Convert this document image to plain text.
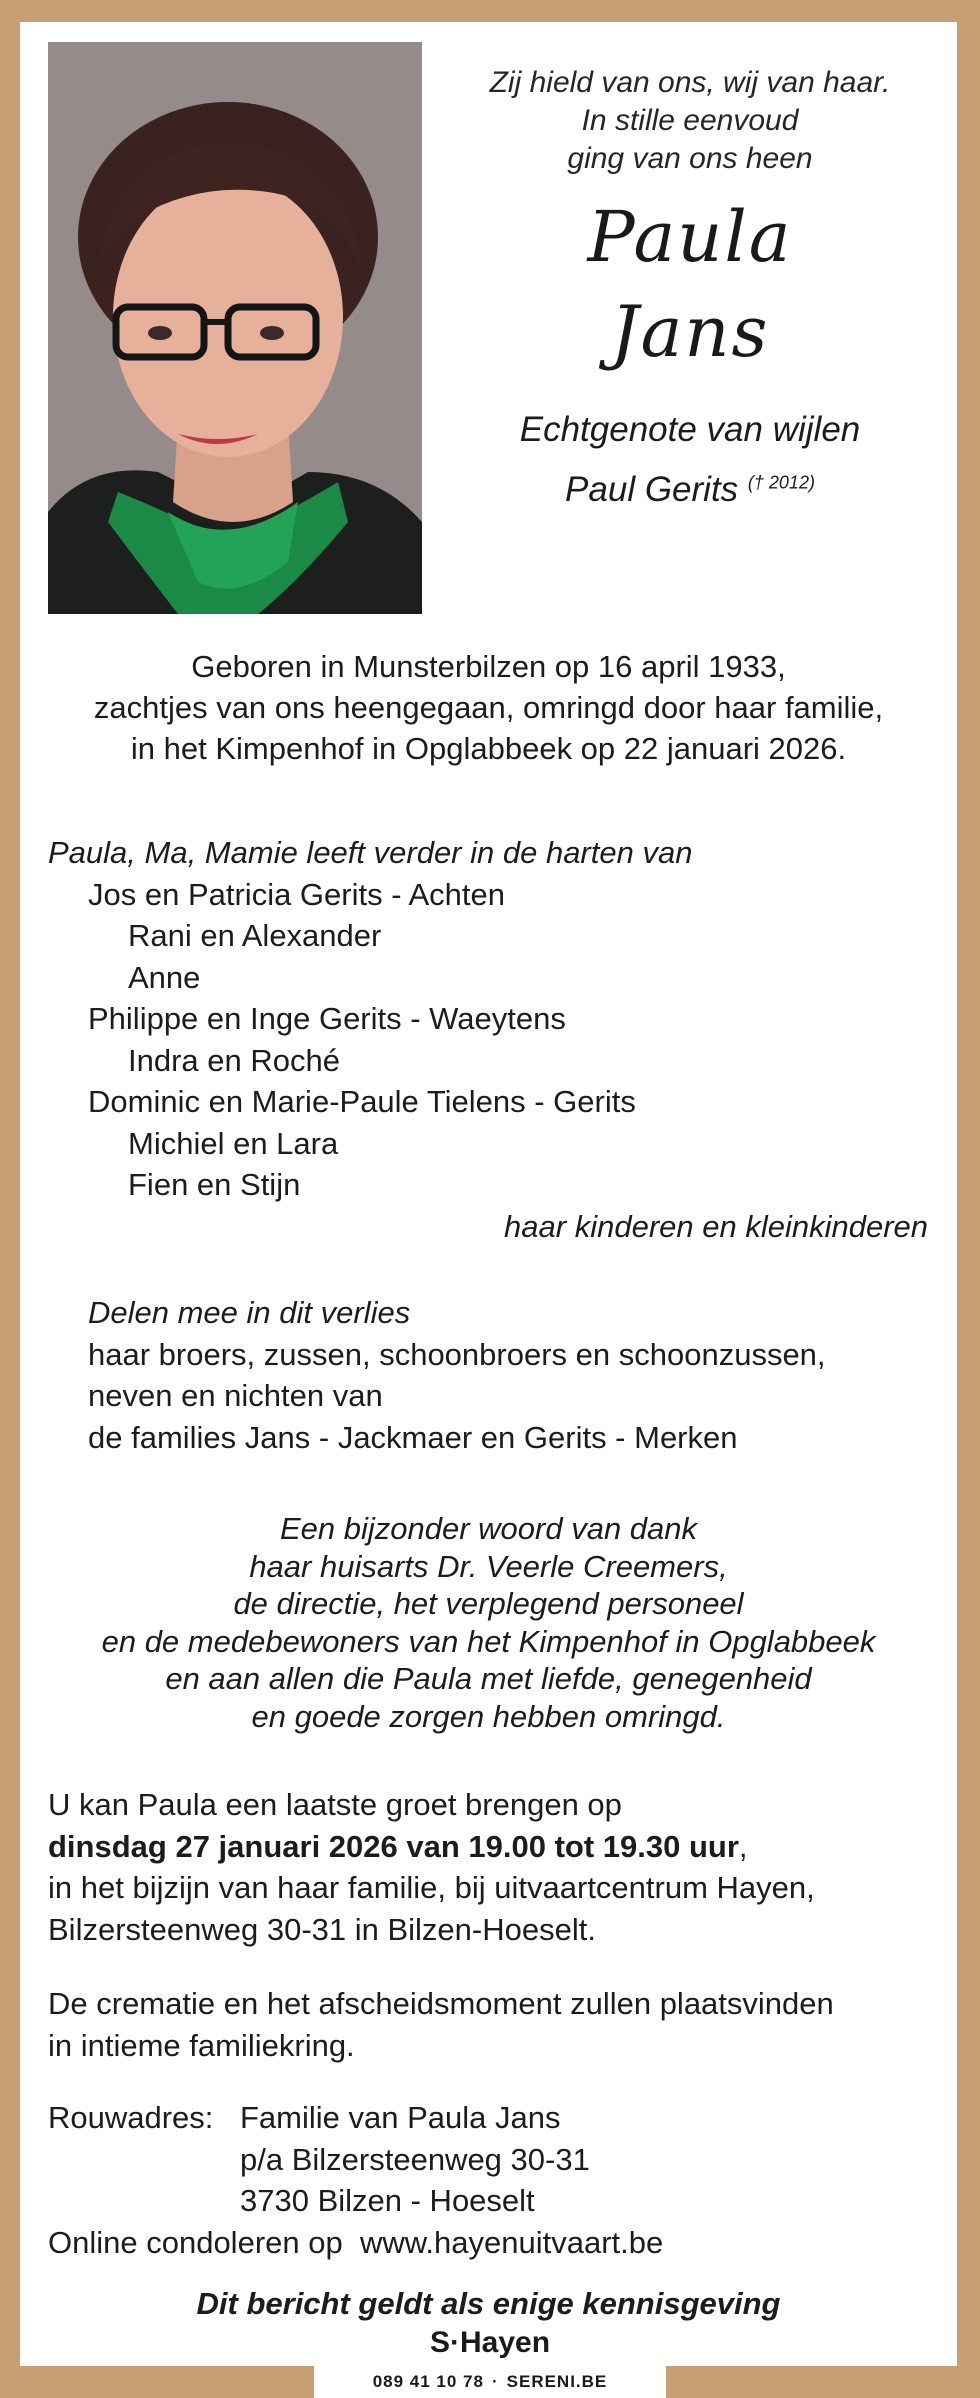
Zij hield van ons, wij van haar.
In stille eenvoud
ging van ons heen
Paula
Jans
Echtgenote van wijlen
Paul Gerits $^{(\dagger 2012)}$
Geboren in Munsterbilzen op 16 april 1933,
zachtjes van ons heengegaan, omringd door haar familie,
in het Kimpenhof in Opglabbeek op 22 januari 2026.
Paula, Ma, Mamie leeft verder in de harten van
Jos en Patricia Gerits - Achten
Rani en Alexander
Anne
Philippe en Inge Gerits - Waeytens
Indra en Roché
Dominic en Marie-Paule Tielens - Gerits
Michiel en Lara
Fien en Stijn
haar kinderen en kleinkinderen
Delen mee in dit verlies
haar broers, zussen, schoonbroers en schoonzussen,
neven en nichten van
de families Jans - Jackmaer en Gerits - Merken
Een bijzonder woord van dank
haar huisarts Dr. Veerle Creemers,
de directie, het verplegend personeel
en de medebewoners van het Kimpenhof in Opglabbeek
en aan allen die Paula met liefde, genegenheid
en goede zorgen hebben omringd.
U kan Paula een laatste groet brengen op
dinsdag 27 januari 2026 van 19.00 tot 19.30 uur,
in het bijzijn van haar familie, bij uitvaartcentrum Hayen,
Bilzersteenweg 30-31 in Bilzen-Hoeselt.
De crematie en het afscheidsmoment zullen plaatsvinden
in intieme familiekring.
Rouwadres: Familie van Paula Jans
p/a Bilzersteenweg 30-31
3730 Bilzen - Hoeselt
Online condoleren op
www.hayenuitvaart.be
Dit bericht geldt als enige kennisgeving
S·Hayen
089 41 10 78 · SERENI.BE
